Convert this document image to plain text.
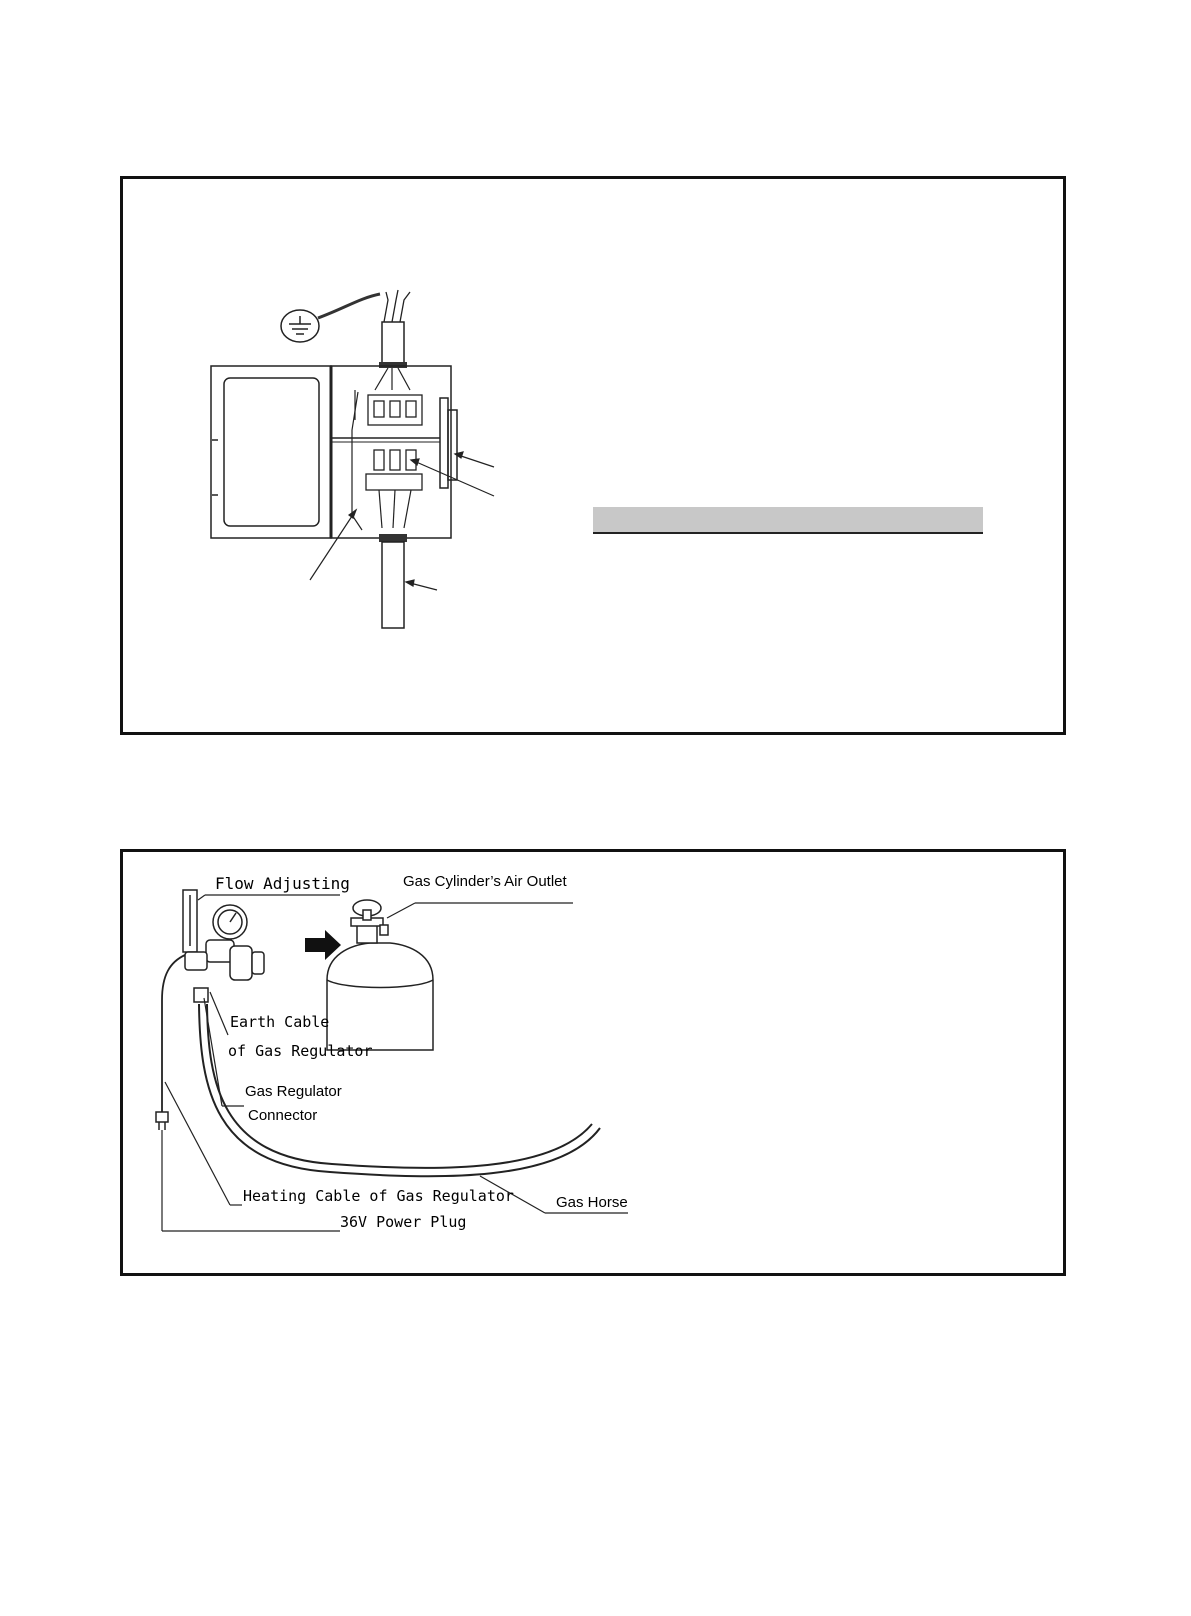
Flow Adjusting	Gas Cylinder’s Air Outlet
Earth Cable
of Gas Regulator
Gas Regulator
Connector
Heating Cable of Gas Regulator	Gas Horse
36V Power Plug
